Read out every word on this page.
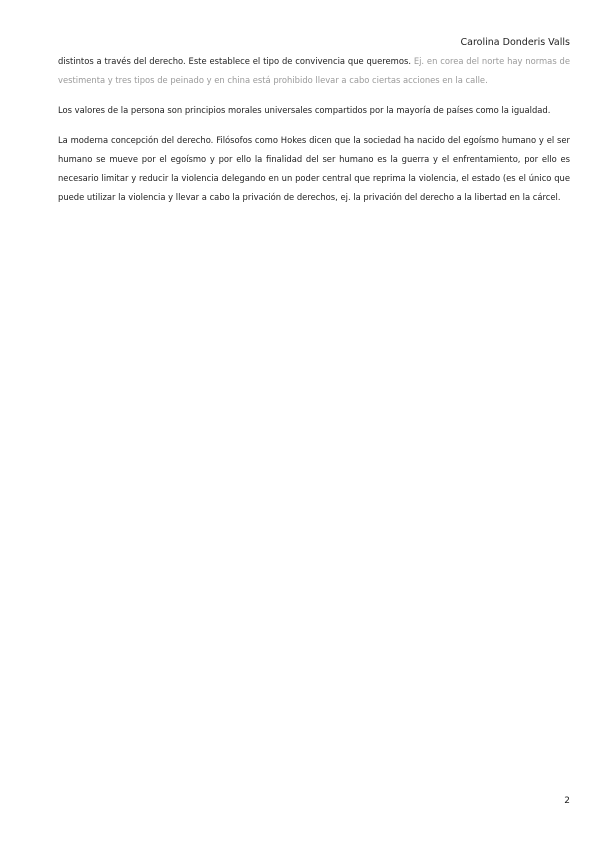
Carolina Donderis Valls

distintos a través del derecho. Este establece el tipo de convivencia que queremos. Ej. en corea del norte hay normas de vestimenta y tres tipos de peinado y en china está prohibido llevar a cabo ciertas acciones en la calle.

Los valores de la persona son principios morales universales compartidos por la mayoría de países como la igualdad.

La moderna concepción del derecho. Filósofos como Hokes dicen que la sociedad ha nacido del egoísmo humano y el ser humano se mueve por el egoísmo y por ello la finalidad del ser humano es la guerra y el enfrentamiento, por ello es necesario limitar y reducir la violencia delegando en un poder central que reprima la violencia, el estado (es el único que puede utilizar la violencia y llevar a cabo la privación de derechos, ej. la privación del derecho a la libertad en la cárcel.

2
